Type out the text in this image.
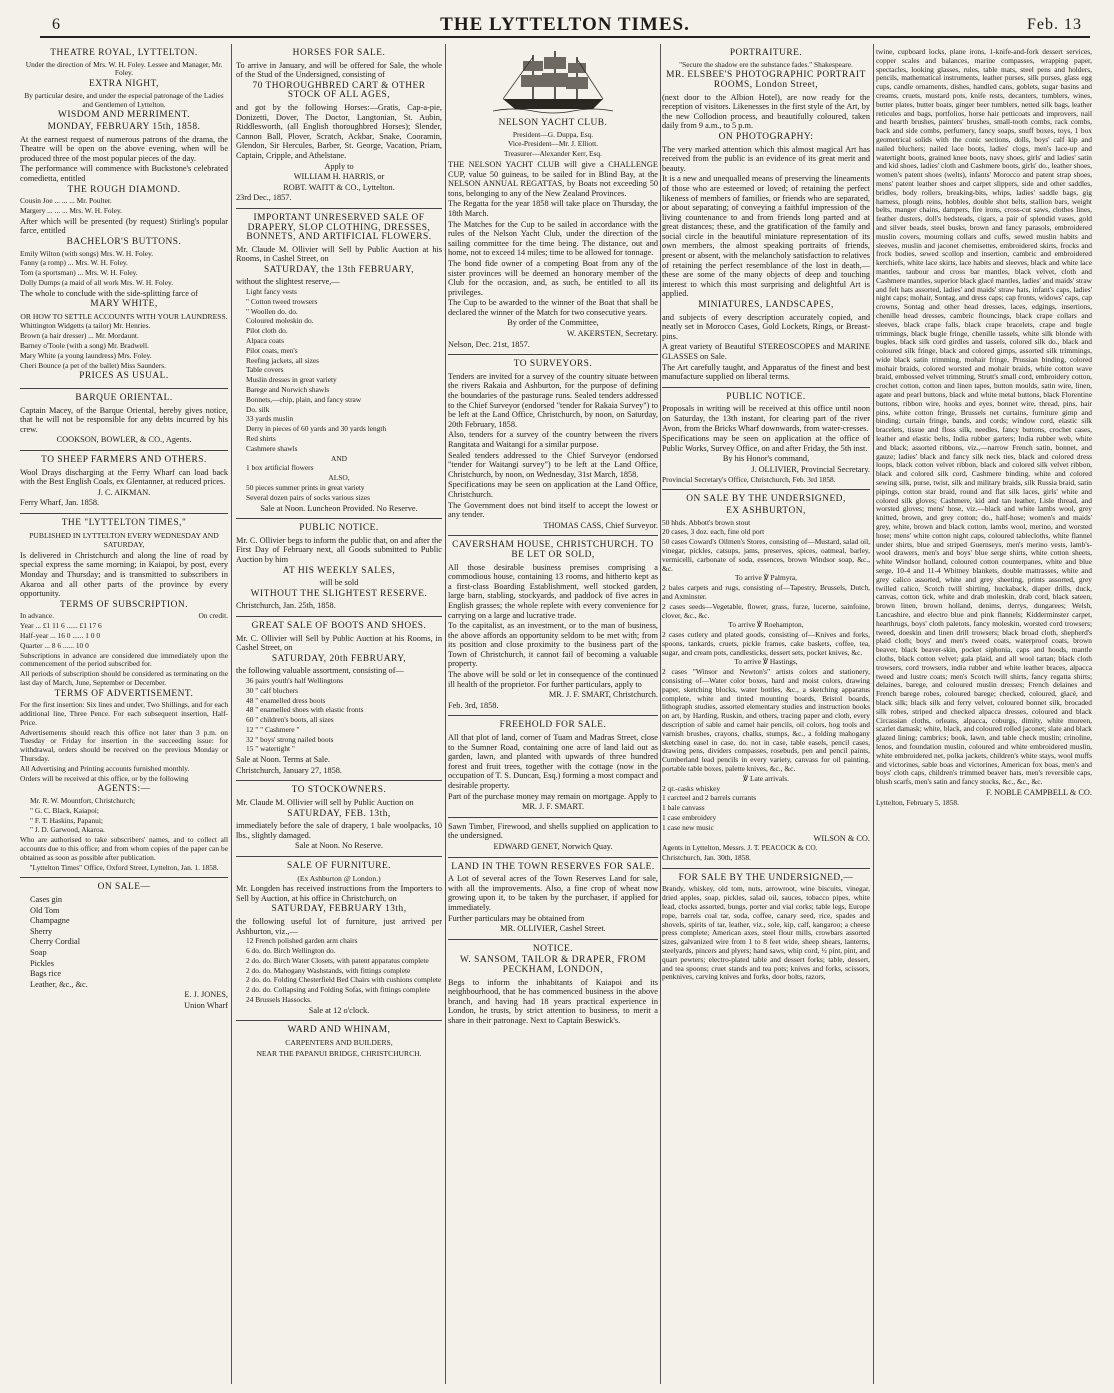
6	THE LYTTELTON TIMES.	Feb. 13
THEATRE ROYAL, LYTTELTON.

Under the direction of Mrs. W. H. Foley. Lessee and Manager, Mr. Foley.

EXTRA NIGHT,

By particular desire, and under the especial patronage of the Ladies and Gentlemen of Lyttelton.

WISDOM AND MERRIMENT.
MONDAY, FEBRUARY 15th, 1858.

At the earnest request of numerous patrons of the drama, the Theatre will be open on the above evening, when will be produced three of the most popular pieces of the day.

The performance will commence with Buckstone's celebrated comedietta, entitled

THE ROUGH DIAMOND.

Cousin Joe ... ... ... Mr. Poulter.

Margery ... ... ... Mrs. W. H. Foley.

After which will be presented (by request) Stirling's popular farce, entitled

BACHELOR'S BUTTONS.

Emily Wilton (with songs) Mrs. W. H. Foley.

Fanny (a romp) ... Mrs. W. H. Foley.

Tom (a sportsman) ... Mrs. W. H. Foley.

Dolly Dumps (a maid of all work Mrs. W. H. Foley.

The whole to conclude with the side-splitting farce of

MARY WHITE,
OR HOW TO SETTLE ACCOUNTS WITH YOUR LAUNDRESS.

Whittington Widgetts (a tailor) Mr. Henries.

Brown (a hair dresser) ... Mr. Mordaunt.

Barney o'Toole (with a song) Mr. Bradwell.

Mary White (a young laundress) Mrs. Foley.

Cheri Bounce (a pet of the ballet) Miss Saunders.

PRICES AS USUAL.
BARQUE ORIENTAL.

Captain Macey, of the Barque Oriental, hereby gives notice, that he will not be responsible for any debts incurred by his crew.

COOKSON, BOWLER, & CO., Agents.

TO SHEEP FARMERS AND OTHERS.

Wool Drays discharging at the Ferry Wharf can load back with the Best English Coals, ex Glentanner, at reduced prices.

J. C. AIKMAN.

Ferry Wharf, Jan. 1858.

THE "LYTTELTON TIMES,"
PUBLISHED IN LYTTELTON EVERY WEDNESDAY AND SATURDAY,

Is delivered in Christchurch and along the line of road by special express the same morning; in Kaiapoi, by post, every Monday and Thursday; and is transmitted to subscribers in Akaroa and all other parts of the province by every opportunity.

TERMS OF SUBSCRIPTION.
In advance.	On credit.

Year ... £1 11 6 ...... £1 17 6

Half-year ... 16 0 ...... 1 0 0

Quarter ... 8 6 ...... 10 0

Subscriptions in advance are considered due immediately upon the commencement of the period subscribed for.

All periods of subscription should be considered as terminating on the last day of March, June, September or December.

TERMS OF ADVERTISEMENT.

For the first insertion: Six lines and under, Two Shillings, and for each additional line, Three Pence. For each subsequent insertion, Half-Price.

Advertisements should reach this office not later than 3 p.m. on Tuesday or Friday for insertion in the succeeding issue: for withdrawal, orders should be received on the previous Monday or Thursday.

All Advertising and Printing accounts furnished monthly.

Orders will be received at this office, or by the following

AGENTS:—

Mr. R. W. Mountfort, Christchurch;

" G. C. Black, Kaiapoi;

" F. T. Haskins, Papanui;

" J. D. Garwood, Akaroa.

Who are authorised to take subscribers' names, and to collect all accounts due to this office; and from whom copies of the paper can be obtained as soon as possible after publication.

"Lyttelton Times" Office, Oxford Street, Lyttelton, Jan. 1. 1858.

ON SALE—

Cases gin

Old Tom

Champagne

Sherry

Cherry Cordial

Soap

Pickles

Bags rice

Leather, &c., &c.

E. J. JONES,

Union Wharf

HORSES FOR SALE.

To arrive in January, and will be offered for Sale, the whole of the Stud of the Undersigned, consisting of

70 THOROUGHBRED CART & OTHER STOCK OF ALL AGES,

and got by the following Horses:—Gratis, Cap-a-pie, Donizetti, Dover, The Doctor, Langtonian, St. Aubin, Riddlesworth, (all English thoroughbred Horses); Slender, Cannon Ball, Plover, Scratch, Ackbar, Snake, Cooramin, Glendon, Sir Hercules, Barber, St. George, Vacation, Priam, Captain, Cripple, and Athelstane.

Apply to

WILLIAM H. HARRIS, or

ROBT. WAITT & CO., Lyttelton.

23rd Dec., 1857.

IMPORTANT UNRESERVED SALE OF DRAPERY, SLOP CLOTHING, DRESSES, BONNETS, AND ARTIFICIAL FLOWERS.

Mr. Claude M. Ollivier will Sell by Public Auction at his Rooms, in Cashel Street, on

SATURDAY, the 13th FEBRUARY,

without the slightest reserve,—

Light fancy vests

" Cotton tweed trowsers

" Woollen do. do.

Coloured moleskin do.

Pilot cloth do.

Alpaca coats

Pilot coats, men's

Reefing jackets, all sizes

Table covers

Muslin dresses in great variety

Barege and Norwich shawls

Bonnets,—chip, plain, and fancy straw

Do. silk

33 yards muslin

Derry in pieces of 60 yards and 30 yards length

Red shirts

Cashmere shawls

AND

1 box artificial flowers

ALSO,

50 pieces summer prints in great variety

Several dozen pairs of socks various sizes

Sale at Noon. Luncheon Provided. No Reserve.

PUBLIC NOTICE.

Mr. C. Ollivier begs to inform the public that, on and after the First Day of February next, all Goods submitted to Public Auction by him

AT HIS WEEKLY SALES,

will be sold

WITHOUT THE SLIGHTEST RESERVE.

Christchurch, Jan. 25th, 1858.

GREAT SALE OF BOOTS AND SHOES.

Mr. C. Ollivier will Sell by Public Auction at his Rooms, in Cashel Street, on

SATURDAY, 20th FEBRUARY,

the following valuable assortment, consisting of—

36 pairs youth's half Wellingtons

30 " calf bluchers

48 " enamelled dress boots

48 " enamelled shoes with elastic fronts

60 " children's boots, all sizes

12 " " Cashmere "

32 " boys' strong nailed boots

15 " watertight "

Sale at Noon. Terms at Sale.

Christchurch, January 27, 1858.

TO STOCKOWNERS.

Mr. Claude M. Ollivier will sell by Public Auction on

SATURDAY, FEB. 13th,

immediately before the sale of drapery, 1 bale woolpacks, 10 lbs., slightly damaged.

Sale at Noon. No Reserve.

SALE OF FURNITURE.
(Ex Ashburton @ London.)

Mr. Longden has received instructions from the Importers to Sell by Auction, at his office in Christchurch, on

SATURDAY, FEBRUARY 13th,

the following useful lot of furniture, just arrived per Ashburton, viz.,—

12 French polished garden arm chairs

6 do. do. Birch Wellington do.

2 do. do. Birch Water Closets, with patent apparatus complete

2 do. do. Mahogany Washstands, with fittings complete

2 do. do. Folding Chesterfield Bed Chairs with cushions complete

2 do. do. Collapsing and Folding Sofas, with fittings complete

24 Brussels Hassocks.

Sale at 12 o'clock.

WARD AND WHINAM,
CARPENTERS AND BUILDERS,
NEAR THE PAPANUI BRIDGE, CHRISTCHURCH.
NELSON YACHT CLUB.

President—G. Duppa, Esq.

Vice-President—Mr. J. Elliott.

Treasurer—Alexander Kerr, Esq.

THE NELSON YACHT CLUB will give a CHALLENGE CUP, value 50 guineas, to be sailed for in Blind Bay, at the NELSON ANNUAL REGATTAS, by Boats not exceeding 50 tons, belonging to any of the New Zealand Provinces.

The Regatta for the year 1858 will take place on Thursday, the 18th March.

The Matches for the Cup to be sailed in accordance with the rules of the Nelson Yacht Club, under the direction of the sailing committee for the time being. The distance, out and home, not to exceed 14 miles; time to be allowed for tonnage.

The bond fide owner of a competing Boat from any of the sister provinces will be deemed an honorary member of the Club for the occasion, and, as such, be entitled to all its privileges.

The Cup to be awarded to the winner of the Boat that shall be declared the winner of the Match for two consecutive years.

By order of the Committee,

W. AKERSTEN, Secretary.

Nelson, Dec. 21st, 1857.

TO SURVEYORS.

Tenders are invited for a survey of the country situate between the rivers Rakaia and Ashburton, for the purpose of defining the boundaries of the pasturage runs. Sealed tenders addressed to the Chief Surveyor (endorsed "tender for Rakaia Survey") to be left at the Land Office, Christchurch, by noon, on Saturday, 20th February, 1858.

Also, tenders for a survey of the country between the rivers Rangitata and Waitangi for a similar purpose.

Sealed tenders addressed to the Chief Surveyor (endorsed "tender for Waitangi survey") to be left at the Land Office, Christchurch, by noon, on Wednesday, 31st March, 1858.

Specifications may be seen on application at the Land Office, Christchurch.

The Government does not bind itself to accept the lowest or any tender.

THOMAS CASS, Chief Surveyor.

CAVERSHAM HOUSE, CHRISTCHURCH. TO BE LET OR SOLD,

All those desirable business premises comprising a commodious house, containing 13 rooms, and hitherto kept as a first-class Boarding Establishment, well stocked garden, large barn, stabling, stockyards, and paddock of five acres in English grasses; the whole replete with every convenience for carrying on a large and lucrative trade.

To the capitalist, as an investment, or to the man of business, the above affords an opportunity seldom to be met with; from its position and close proximity to the business part of the Town of Christchurch, it cannot fail of becoming a valuable property.

The above will be sold or let in consequence of the continued ill health of the proprietor. For further particulars, apply to

MR. J. F. SMART, Christchurch.

Feb. 3rd, 1858.

FREEHOLD FOR SALE.

All that plot of land, corner of Tuam and Madras Street, close to the Sumner Road, containing one acre of land laid out as garden, lawn, and planted with upwards of three hundred forest and fruit trees, together with the cottage (now in the occupation of T. S. Duncan, Esq.) forming a most compact and desirable property.

Part of the purchase money may remain on mortgage. Apply to

MR. J. F. SMART.

Sawn Timber, Firewood, and shells supplied on application to the undersigned.

EDWARD GENET, Norwich Quay.

LAND IN THE TOWN RESERVES FOR SALE.

A Lot of several acres of the Town Reserves Land for sale, with all the improvements. Also, a fine crop of wheat now growing upon it, to be taken by the purchaser, if applied for immediately.

Further particulars may be obtained from

MR. OLLIVIER, Cashel Street.

NOTICE.
W. SANSOM, TAILOR & DRAPER, FROM PECKHAM, LONDON,

Begs to inform the inhabitants of Kaiapoi and its neighbourhood, that he has commenced business in the above branch, and having had 18 years practical experience in London, he trusts, by strict attention to business, to merit a share in their patronage. Next to Captain Beswick's.

PORTRAITURE.

"Secure the shadow ere the substance fades." Shakespeare.

MR. ELSBEE'S PHOTOGRAPHIC PORTRAIT ROOMS, London Street,

(next door to the Albion Hotel), are now ready for the reception of visitors. Likenesses in the first style of the Art, by the new Collodion process, and beautifully coloured, taken daily from 9 a.m., to 5 p.m.

ON PHOTOGRAPHY:

The very marked attention which this almost magical Art has received from the public is an evidence of its great merit and beauty.

It is a new and unequalled means of preserving the lineaments of those who are esteemed or loved; of retaining the perfect likeness of members of families, or friends who are separated, or about separating; of conveying a faithful impression of the living countenance to and from friends long parted and at great distances; these, and the gratification of the family and social circle in the beautiful miniature representation of its own members, the almost speaking portraits of friends, present or absent, with the melancholy satisfaction to relatives of retaining the perfect resemblance of the lost in death,—these are some of the many objects of deep and touching interest to which this most surprising and delightful Art is applied.

MINIATURES, LANDSCAPES,

and subjects of every description accurately copied, and neatly set in Morocco Cases, Gold Lockets, Rings, or Breast-pins.

A great variety of Beautiful STEREOSCOPES and MARINE GLASSES on Sale.

The Art carefully taught, and Apparatus of the finest and best manufacture supplied on liberal terms.

PUBLIC NOTICE.

Proposals in writing will be received at this office until noon on Saturday, the 13th instant, for clearing part of the river Avon, from the Bricks Wharf downwards, from water-cresses.

Specifications may be seen on application at the office of Public Works, Survey Office, on and after Friday, the 5th inst.

By his Honor's command,

J. OLLIVIER, Provincial Secretary.

Provincial Secretary's Office, Christchurch, Feb. 3rd 1858.

ON SALE BY THE UNDERSIGNED,
EX ASHBURTON,

50 hhds. Abbott's brown stout

20 cases, 3 doz. each, fine old port

50 cases Coward's Oilmen's Stores, consisting of—Mustard, salad oil, vinegar, pickles, catsups, jams, preserves, spices, oatmeal, barley, vermicelli, carbonate of soda, essences, brown Windsor soap, &c., &c.

To arrive ℣ Palmyra,

2 bales carpets and rugs, consisting of—Tapestry, Brussels, Dutch, and Axminster.

2 cases seeds—Vegetable, flower, grass, furze, lucerne, sainfoine, clover, &c., &c.

To arrive ℣ Roehampton,

2 cases cutlery and plated goods, consisting of—Knives and forks, spoons, tankards, cruets, pickle frames, cake baskets, coffee, tea, sugar, and cream pots, candlesticks, dessert sets, pocket knives, &c.

To arrive ℣ Hastings,

2 cases "Winsor and Newton's" artists colors and stationery, consisting of—Water color boxes, hard and moist colors, drawing paper, sketching blocks, water bottles, &c., a sketching apparatus complete, white and tinted mounting boards, Bristol boards, lithograph studies, assorted elementary studies and instruction books on art, by Harding, Ruskin, and others, tracing paper and cloth, every description of sable and camel hair pencils, oil colors, hog tools and varnish brushes, crayons, chalks, stumps, &c., a folding mahogany sketching easel in case, do. not in case, table easels, pencil cases, drawing pens, dividers compasses, rosebuds, pen and pencil paints, Cumberland lead pencils in every variety, canvass for oil painting, portable table boxes, palette knives, &c., &c.

℣ Late arrivals.

2 qr.-casks whiskey

1 carcteel and 2 barrels currants

1 bale canvass

1 case embroidery

1 case new music

WILSON & CO.

Agents in Lyttelton, Messrs. J. T. PEACOCK & CO.

Christchurch, Jan. 30th, 1858.

FOR SALE BY THE UNDERSIGNED,—

Brandy, whiskey, old tom, nuts, arrowroot, wine biscuits, vinegar, dried apples, soap, pickles, salad oil, sauces, tobacco pipes, white lead, clocks assorted, bungs, porter and vial corks; table legs, Europe rope, barrels coal tar, soda, coffee, canary seed, rice, spades and shovels, spirits of tar, leather, viz., sole, kip, calf, kangaroo; a cheese press complete; American axes, steel flour mills, crowbars assorted sizes, galvanized wire from 1 to 8 feet wide, sheep shears, lanterns, steelyards, pincers and plyers; hand saws, whip cord, ½ pint, pint, and quart pewters; electro-plated table and dessert forks; table, dessert, and tea spoons; cruet stands and tea pots; knives and forks, scissors, penknives, carving knives and forks, door bolts, razors,

twine, cupboard locks, plane irons, 1-knife-and-fork dessert services, copper scales and balances, marine compasses, wrapping paper, spectacles, looking glasses, rules, table mats, steel pens and holders, pencils, mathematical instruments, leather purses, silk purses, glass egg cups, candle ornaments, dishes, handled cans, goblets, sugar basins and creams, cruets, mustard pots, knife rests, decanters, tumblers, wines, butter plates, butter boats, ginger beer tumblers, netted silk bags, leather reticules and bags, portfolios, horse hair petticoats and improvers, nail and hearth brushes, painters' brushes, small-tooth combs, rack combs, back and side combs, perfumery, fancy soaps, snuff boxes, toys, 1 box geometrical solids with the conic sections, dolls, boys' calf kip and nailed bluchers; nailed lace boots, ladies' clogs, men's lace-up and watertight boots, grained knee boots, navy shoes, girls' and ladies' satin and kid shoes, ladies' cloth and Cashmere boots, girls' do., leather shoes, women's patent shoes (welts), infants' Morocco and patent strap shoes, mens' patent leather shoes and carpet slippers, side and other saddles, bridles, body rollers, breaking-bits, whips, ladies' saddle bags, gig harness, plough reins, hobbles, double shot belts, stallion bars, weight belts, manger chains, dampers, fire irons, cross-cut saws, clothes lines, feather dusters, doll's bedsteads, cigars, a pair of splendid vases, gold and silver beads, steel busks, brown and fancy parasols, embroidered muslin covers, mourning collars and cuffs, sewed muslin habits and sleeves, muslin and jaconet chemisettes, embroidered skirts, frocks and frock bodies, sewed scollop and insertion, cambric and embroidered kerchiefs, white lace skirts, lace habits and sleeves, black and white lace mantles, taubour and cross bar mantles, black velvet, cloth and Cashmere mantles, superior black glacé mantles, ladies' and maids' straw and felt hats assorted, ladies' and maids' straw hats, infant's caps, ladies' night caps; mohair, Sontag, and dress caps; cap fronts, widows' caps, cap crowns, Sontag and other head dresses, laces, edgings, insertions, chenille head dresses, cambric flouncings, black crape collars and sleeves, black crape falls, black crape bracelets, crape and bugle trimmings, black bugle fringe, chenille tassels, white silk blonde with bugles, black silk cord girdles and tassels, colored silk do., black and coloured silk fringe, black and colored gimps, assorted silk trimmings, wide black satin trimming, mohair fringe, Prussian binding, colored mohair braids, colored worsted and mohair braids, white cotton wave braid, embossed velvet trimming, Strutt's small cord, embroidery cotton, crochet cotton, cotton and linen tapes, button moulds, satin wire, linen, agate and pearl buttons, black and white metal buttons, black Florentine buttons, ribbon wire, hooks and eyes, bonnet wire, thread, pins, hair pins, white cotton fringe, Brussels net curtains, furniture gimp and binding; curtain fringe, bands, and cords; window cord, elastic silk bracelets, tissue and floss silk, needles, fancy buttons, crochet cases, leather and elastic belts, India rubber garters; India rubber web, white and black; assorted ribbons, viz.,—narrow French satin, bonnet, and gauze; ladies' black and fancy silk neck ties, black and colored dress loops, black cotton velvet ribbon, black and colored silk velvet ribbon, black and colored silk cord, Cashmere binding, white and colored sewing silk, purse, twist, silk and military braids, silk Russia braid, satin pipings, cotton star braid, round and flat silk laces, girls' white and colored silk gloves; Cashmere, kid and tan leather, Lisle thread, and worsted gloves; mens' hose, viz.—black and white lambs wool, grey knitted, brown, and grey cotton; do., half-hose; women's and maids' grey, white, brown and black cotton, lambs wool, merino, and worsted hose; mens' white cotton night caps, coloured tablecloths, white flannel under shirts, blue and striped Guernseys, men's merino vests, lamb's-wool drawers, men's and boys' blue serge shirts, white cotton sheets, white Windsor holland, coloured cotton counterpanes, white and blue serge, 10-4 and 11-4 Whitney blankets, double mattrasses, white and grey calico assorted, white and grey sheeting, prints assorted, grey twilled calico, Scotch twill shirting, huckaback, diaper drills, duck, canvas, cotton tick, white and drab moleskin, drab cord, black sateen, brown linen, brown holland, denims, derrys, dungarees; Welsh, Lancashire, and electro blue and pink flannels; Kidderminster carpet, hearthrugs, boys' cloth paletots, fancy moleskin, worsted cord trowsers; tweed, doeskin and linen drill trowsers; black broad cloth, shepherd's plaid cloth; boys' and men's tweed coats, waterproof coats, brown beaver, black beaver-skin, pocket siphonia, caps and hoods, mantle cloths, black cotton velvet; gala plaid, and all wool tartan; black cloth trowsers, cord trowsers, india rubber and white leather braces, alpacca tweed and lustre coats; men's Scotch twill shirts, fancy regatta shirts; delaines, barege, and coloured muslin dresses; French delaines and French barege robes, coloured barege; checked, coloured, glacé, and black silk; black silk and ferry velvet, coloured bonnet silk, brocaded silk robes, striped and checked alpacca dresses, coloured and black Circassian cloths, orleans, alpacca, coburgs, dimity, white moreen, scarlet damask; white, black, and coloured rolled jaconet; slate and black glazed lining; cambrics; book, lawn, and table check muslin; crinoline, lenos, and foundation muslin, coloured and white embroidered muslin, white embroidered net, polka jackets, children's white stays, wool muffs and victorines, sable boas and victorines, American fox boas, men's and boys' cloth caps, children's trimmed beaver hats, men's reversible caps, blush scarfs, men's satin and fancy stocks, &c., &c., &c.

F. NOBLE CAMPBELL & CO.

Lyttelton, February 5, 1858.
